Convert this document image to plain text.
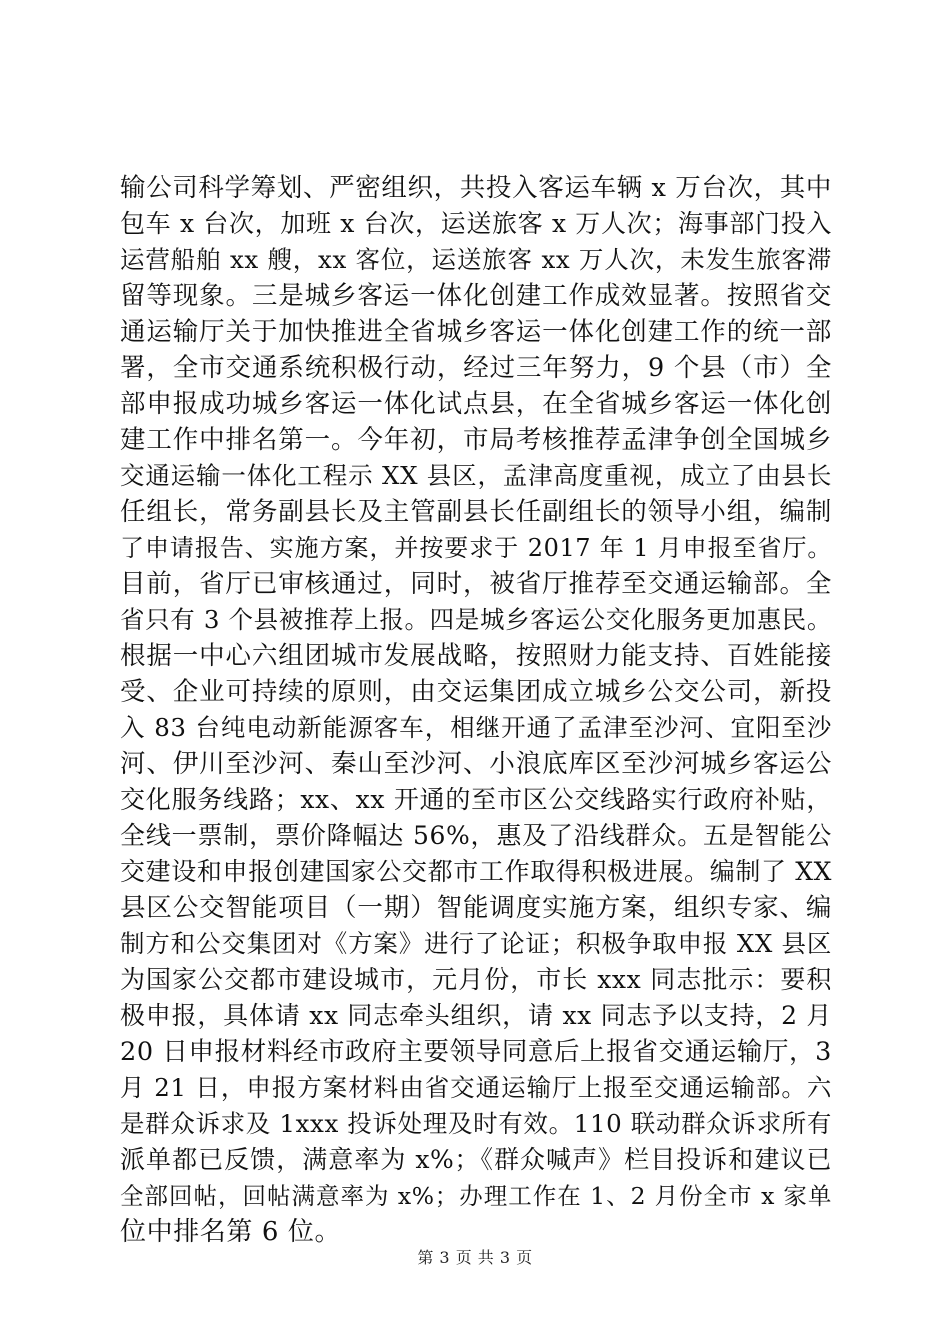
输公司科学筹划、严密组织，共投入客运车辆 x 万台次，其中
包车 x 台次，加班 x 台次，运送旅客 x 万人次；海事部门投入
运营船舶 xx 艘，xx 客位，运送旅客 xx 万人次，未发生旅客滞
留等现象。三是城乡客运一体化创建工作成效显著。按照省交
通运输厅关于加快推进全省城乡客运一体化创建工作的统一部
署，全市交通系统积极行动，经过三年努力，9 个县（市）全
部申报成功城乡客运一体化试点县，在全省城乡客运一体化创
建工作中排名第一。今年初，市局考核推荐孟津争创全国城乡
交通运输一体化工程示 XX 县区，孟津高度重视，成立了由县长
任组长，常务副县长及主管副县长任副组长的领导小组，编制
了申请报告、实施方案，并按要求于 2017 年 1 月申报至省厅。
目前，省厅已审核通过，同时，被省厅推荐至交通运输部。全
省只有 3 个县被推荐上报。四是城乡客运公交化服务更加惠民。
根据一中心六组团城市发展战略，按照财力能支持、百姓能接
受、企业可持续的原则，由交运集团成立城乡公交公司，新投
入 83 台纯电动新能源客车，相继开通了孟津至沙河、宜阳至沙
河、伊川至沙河、秦山至沙河、小浪底库区至沙河城乡客运公
交化服务线路；xx、xx 开通的至市区公交线路实行政府补贴，
全线一票制，票价降幅达 56%，惠及了沿线群众。五是智能公
交建设和申报创建国家公交都市工作取得积极进展。编制了 XX
县区公交智能项目（一期）智能调度实施方案，组织专家、编
制方和公交集团对《方案》进行了论证；积极争取申报 XX 县区
为国家公交都市建设城市，元月份，市长 xxx 同志批示：要积
极申报，具体请 xx 同志牵头组织，请 xx 同志予以支持，2 月
20 日申报材料经市政府主要领导同意后上报省交通运输厅，3
月 21 日，申报方案材料由省交通运输厅上报至交通运输部。六
是群众诉求及 1xxx 投诉处理及时有效。110 联动群众诉求所有
派单都已反馈，满意率为 x%；《群众喊声》栏目投诉和建议已
全部回帖，回帖满意率为 x%；办理工作在 1、2 月份全市 x 家单
位中排名第 6 位。
第 3 页 共 3 页
